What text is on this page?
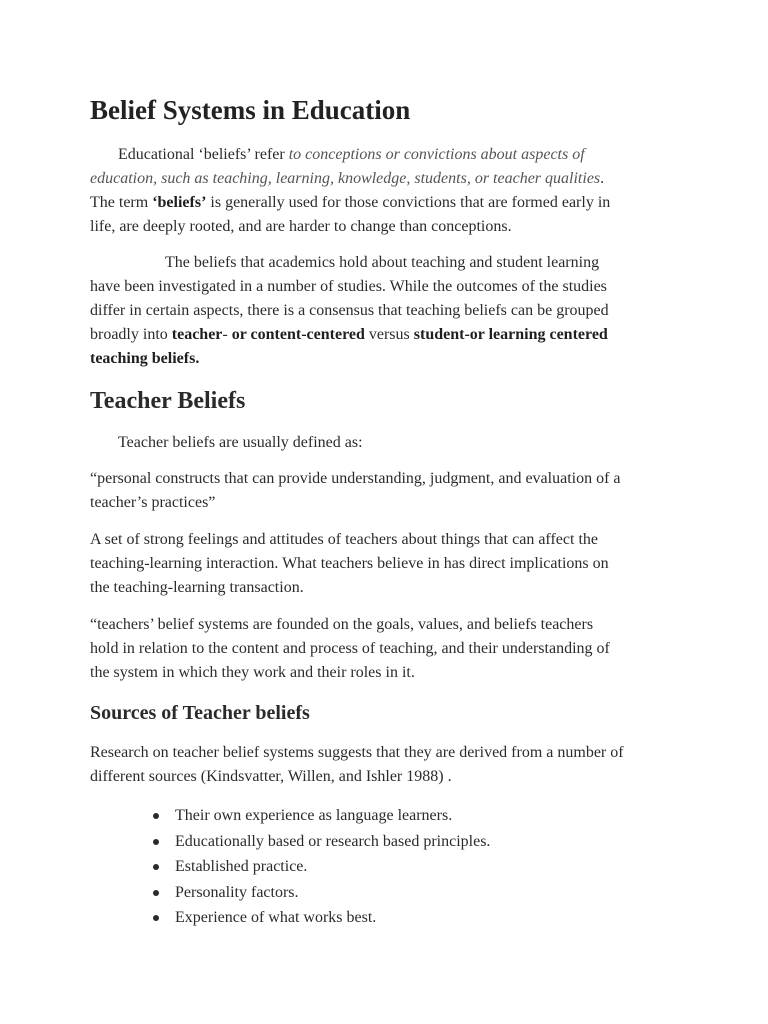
Belief Systems in Education
Educational ‘beliefs’ refer to conceptions or convictions about aspects of
education, such as teaching, learning, knowledge, students, or teacher qualities.
The term ‘beliefs’ is generally used for those convictions that are formed early in
life, are deeply rooted, and are harder to change than conceptions.
The beliefs that academics hold about teaching and student learning
have been investigated in a number of studies. While the outcomes of the studies
differ in certain aspects, there is a consensus that teaching beliefs can be grouped
broadly into teacher- or content-centered versus student-or learning centered
teaching beliefs.
Teacher Beliefs
Teacher beliefs are usually defined as:
“personal constructs that can provide understanding, judgment, and evaluation of a
teacher’s practices”
A set of strong feelings and attitudes of teachers about things that can affect the
teaching-learning interaction. What teachers believe in has direct implications on
the teaching-learning transaction.
“teachers’ belief systems are founded on the goals, values, and beliefs teachers
hold in relation to the content and process of teaching, and their understanding of
the system in which they work and their roles in it.
Sources of Teacher beliefs
Research on teacher belief systems suggests that they are derived from a number of
different sources (Kindsvatter, Willen, and Ishler 1988) .
Their own experience as language learners.
Educationally based or research based principles.
Established practice.
Personality factors.
Experience of what works best.
